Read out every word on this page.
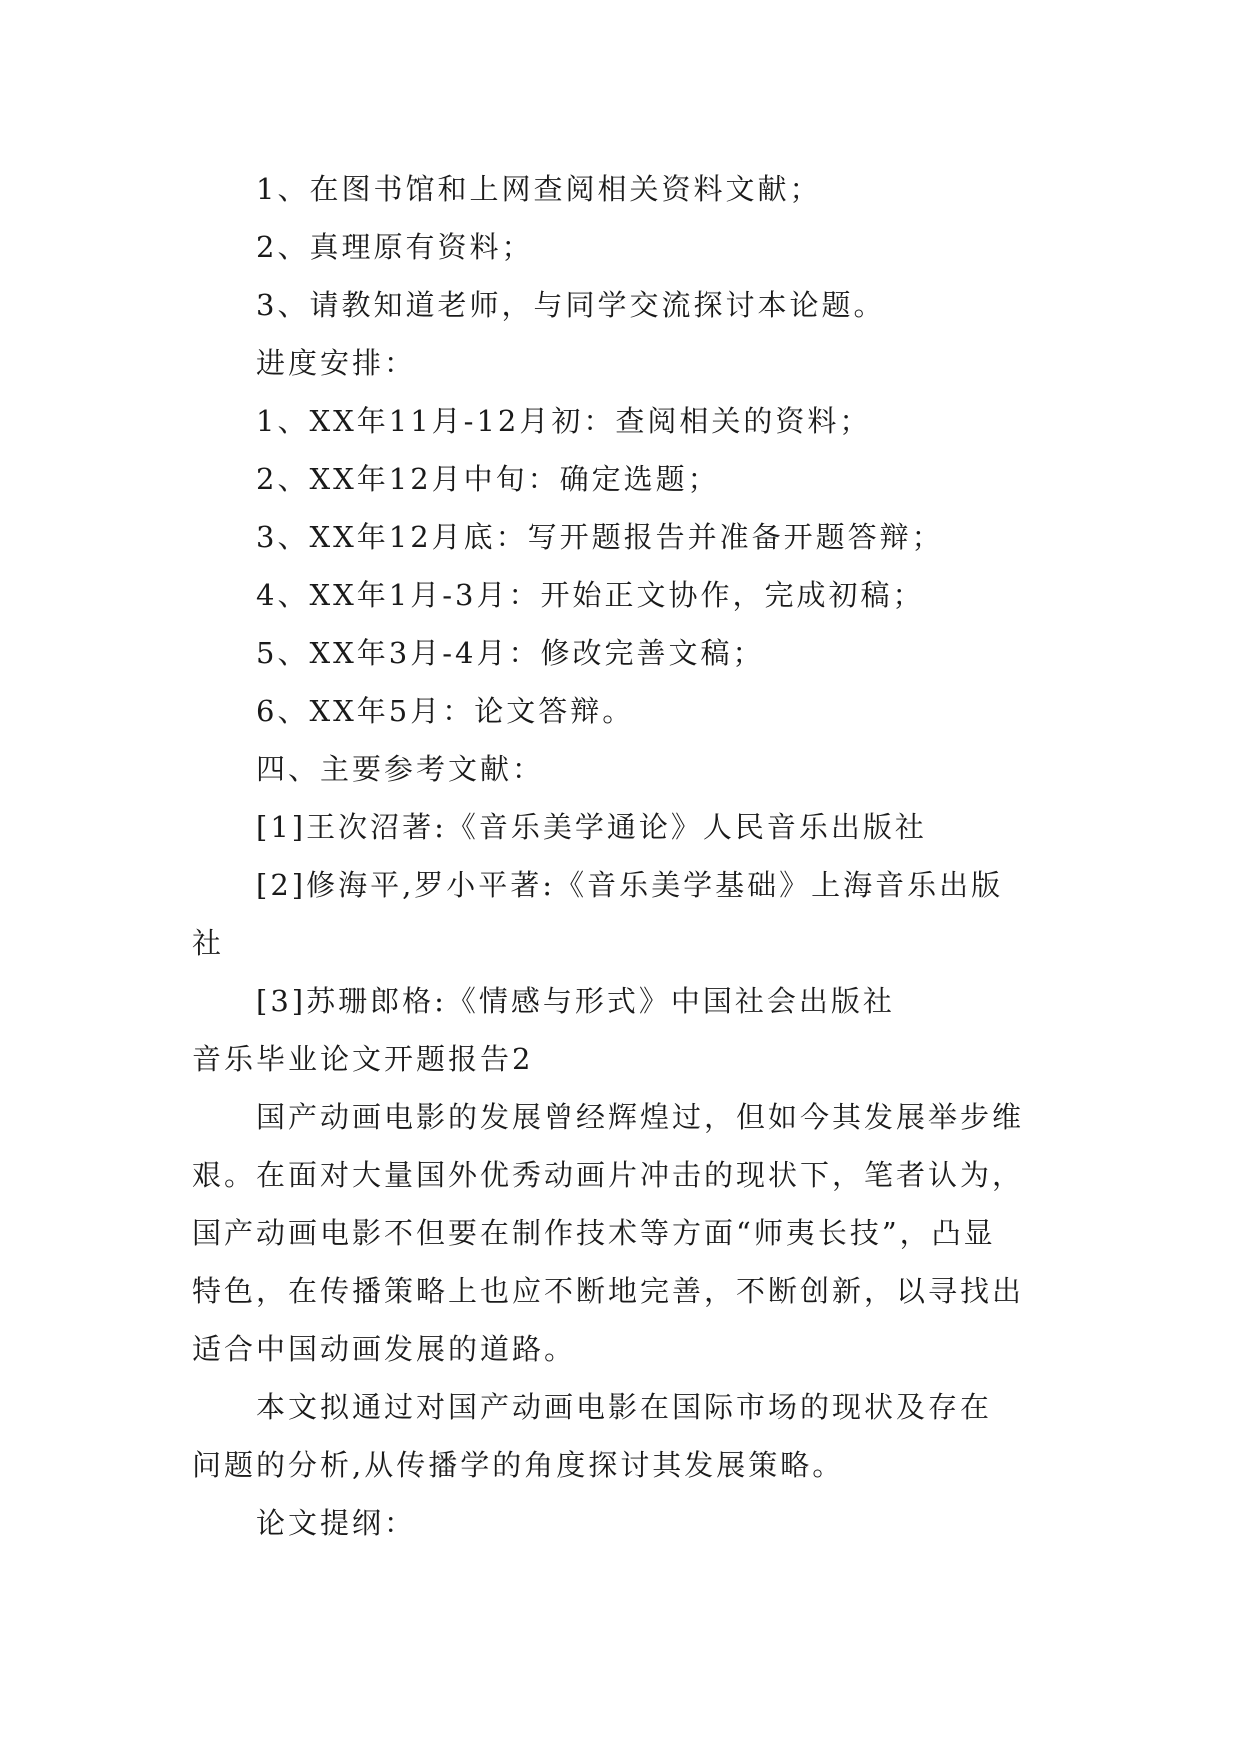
1、在图书馆和上网查阅相关资料文献；
2、真理原有资料；
3、请教知道老师，与同学交流探讨本论题。
进度安排：
1、XX年11月-12月初：查阅相关的资料；
2、XX年12月中旬：确定选题；
3、XX年12月底：写开题报告并准备开题答辩；
4、XX年1月-3月：开始正文协作，完成初稿；
5、XX年3月-4月：修改完善文稿；
6、XX年5月：论文答辩。
四、主要参考文献：
[1]王次沼著:《音乐美学通论》人民音乐出版社
[2]修海平,罗小平著:《音乐美学基础》上海音乐出版
社
[3]苏珊郎格:《情感与形式》中国社会出版社
音乐毕业论文开题报告2
国产动画电影的发展曾经辉煌过，但如今其发展举步维
艰。在面对大量国外优秀动画片冲击的现状下，笔者认为，
国产动画电影不但要在制作技术等方面“师夷长技”，凸显
特色，在传播策略上也应不断地完善，不断创新，以寻找出
适合中国动画发展的道路。
本文拟通过对国产动画电影在国际市场的现状及存在
问题的分析,从传播学的角度探讨其发展策略。
论文提纲：
